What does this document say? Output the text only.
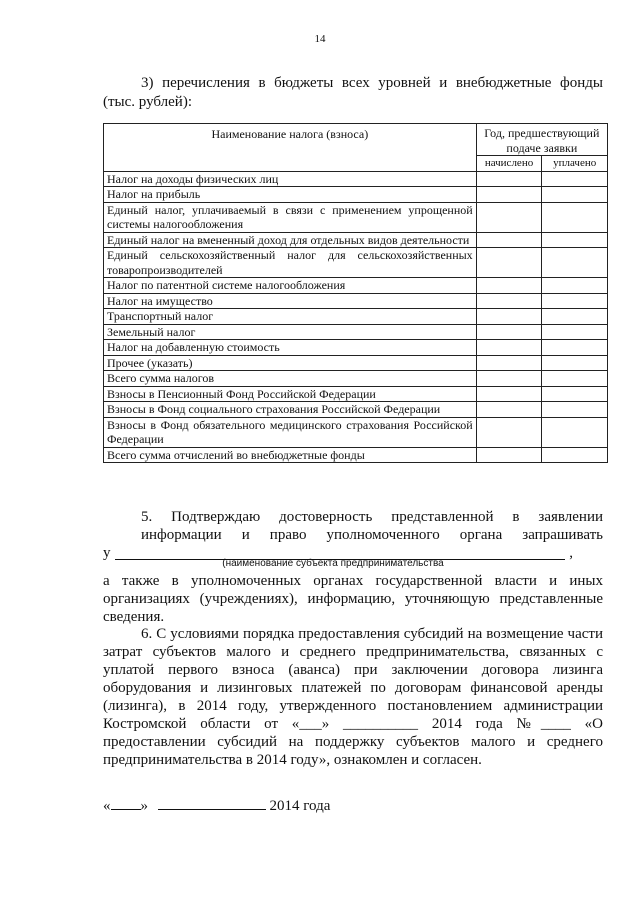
14
3) перечисления в бюджеты всех уровней и внебюджетные фонды
(тыс. рублей):
Наименование налога (взноса)	Год, предшествующий подаче заявки	
	начислено	уплачено
Налог на доходы физических лиц		
Налог на прибыль		
Единый налог, уплачиваемый в связи с применением упрощенной системы налогообложения		
Единый налог на вмененный доход для отдельных видов деятельности		
Единый сельскохозяйственный налог для сельскохозяйственных товаропроизводителей		
Налог по патентной системе налогообложения		
Налог на имущество		
Транспортный налог		
Земельный налог		
Налог на добавленную стоимость		
Прочее (указать)		
Всего сумма налогов		
Взносы в Пенсионный Фонд Российской Федерации		
Взносы в Фонд социального страхования Российской Федерации		
Взносы в Фонд обязательного медицинского страхования Российской Федерации		
Всего сумма отчислений во внебюджетные фонды		
5. Подтверждаю достоверность представленной в заявлении
информации и право уполномоченного органа запрашивать
у	,
(наименование субъекта предпринимательства
а также в уполномоченных органах государственной власти и иных организациях (учреждениях), информацию, уточняющую представленные сведения.
6. С условиями порядка предоставления субсидий на возмещение части затрат субъектов малого и среднего предпринимательства, связанных с уплатой первого взноса (аванса) при заключении договора лизинга оборудования и лизинговых платежей по договорам финансовой аренды (лизинга), в 2014 году, утвержденного постановлением администрации Костромской области от «___» __________ 2014 года №____ «О предоставлении субсидий на поддержку субъектов малого и среднего предпринимательства в 2014 году», ознакомлен и согласен.
« »	2014 года
